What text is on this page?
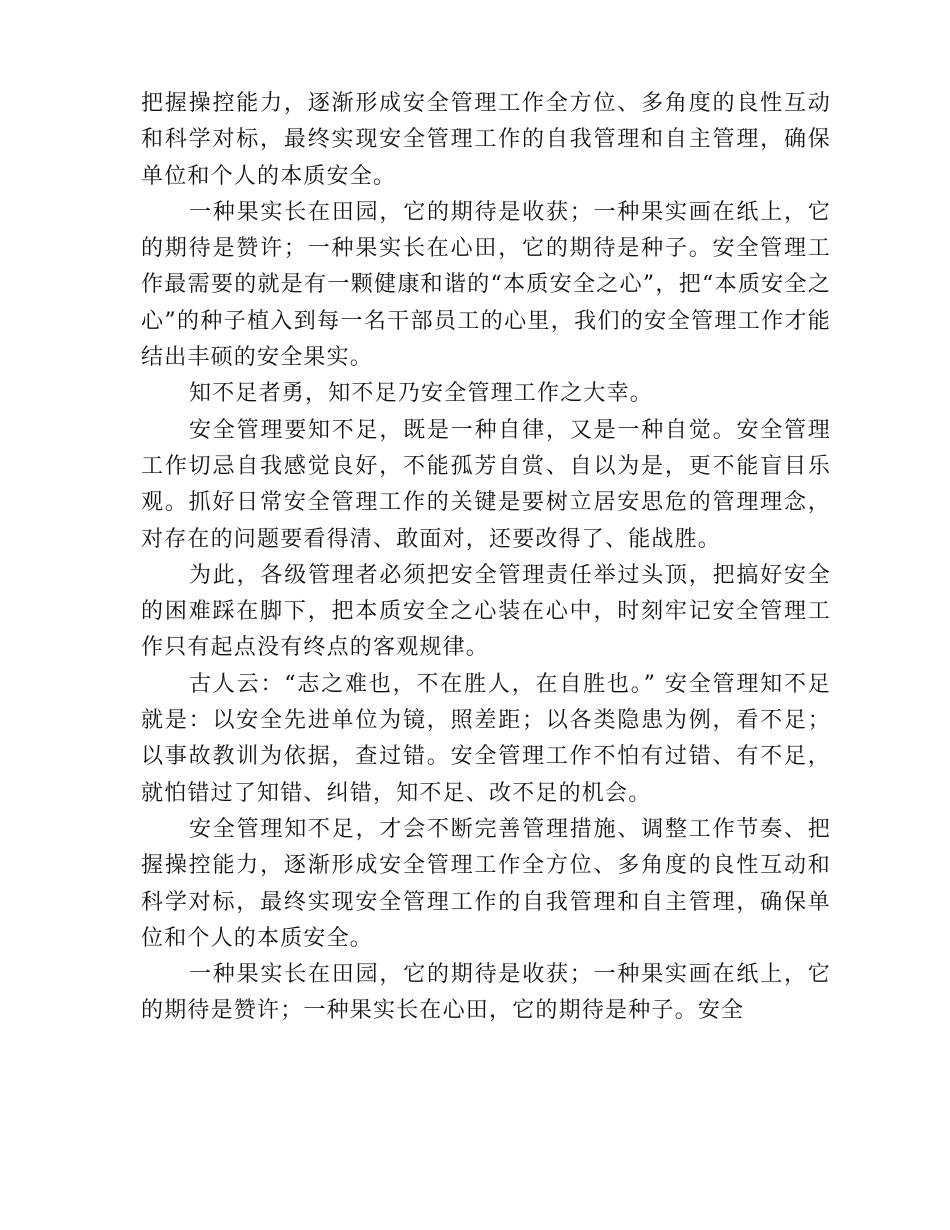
把握操控能力，逐渐形成安全管理工作全方位、多角度的良性互动和科学对标，最终实现安全管理工作的自我管理和自主管理，确保单位和个人的本质安全。

一种果实长在田园，它的期待是收获；一种果实画在纸上，它的期待是赞许；一种果实长在心田，它的期待是种子。安全管理工作最需要的就是有一颗健康和谐的“本质安全之心”，把“本质安全之心”的种子植入到每一名干部员工的心里，我们的安全管理工作才能结出丰硕的安全果实。

知不足者勇，知不足乃安全管理工作之大幸。

安全管理要知不足，既是一种自律，又是一种自觉。安全管理工作切忌自我感觉良好，不能孤芳自赏、自以为是，更不能盲目乐观。抓好日常安全管理工作的关键是要树立居安思危的管理理念，对存在的问题要看得清、敢面对，还要改得了、能战胜。

为此，各级管理者必须把安全管理责任举过头顶，把搞好安全的困难踩在脚下，把本质安全之心装在心中，时刻牢记安全管理工作只有起点没有终点的客观规律。

古人云：“志之难也，不在胜人，在自胜也。” 安全管理知不足就是：以安全先进单位为镜，照差距；以各类隐患为例，看不足；以事故教训为依据，查过错。安全管理工作不怕有过错、有不足，就怕错过了知错、纠错，知不足、改不足的机会。

安全管理知不足，才会不断完善管理措施、调整工作节奏、把握操控能力，逐渐形成安全管理工作全方位、多角度的良性互动和科学对标，最终实现安全管理工作的自我管理和自主管理，确保单位和个人的本质安全。

一种果实长在田园，它的期待是收获；一种果实画在纸上，它的期待是赞许；一种果实长在心田，它的期待是种子。安全
